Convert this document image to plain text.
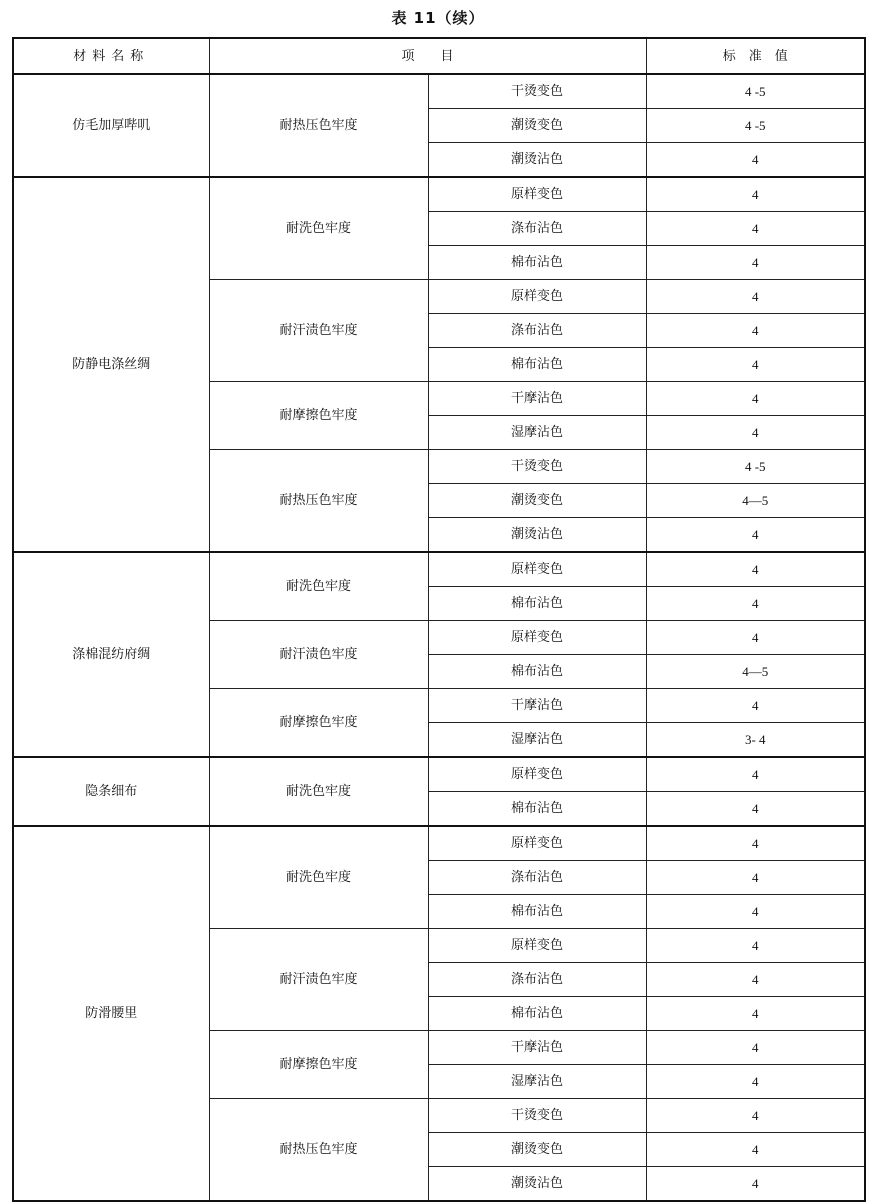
表 11（续）
材料名称	项　　目		标　准　值
仿毛加厚哔叽	耐热压色牢度	干烫变色	4 -5
		潮烫变色	4 -5
		潮烫沾色	4
防静电涤丝绸	耐洗色牢度	原样变色	4
		涤布沾色	4
		棉布沾色	4
	耐汗渍色牢度	原样变色	4
		涤布沾色	4
		棉布沾色	4
	耐摩擦色牢度	干摩沾色	4
		湿摩沾色	4
	耐热压色牢度	干烫变色	4 -5
		潮烫变色	4—5
		潮烫沾色	4
涤棉混纺府绸	耐洗色牢度	原样变色	4
		棉布沾色	4
	耐汗渍色牢度	原样变色	4
		棉布沾色	4—5
	耐摩擦色牢度	干摩沾色	4
		湿摩沾色	3- 4
隐条细布	耐洗色牢度	原样变色	4
		棉布沾色	4
防滑腰里	耐洗色牢度	原样变色	4
		涤布沾色	4
		棉布沾色	4
	耐汗渍色牢度	原样变色	4
		涤布沾色	4
		棉布沾色	4
	耐摩擦色牢度	干摩沾色	4
		湿摩沾色	4
	耐热压色牢度	干烫变色	4
		潮烫变色	4
		潮烫沾色	4
